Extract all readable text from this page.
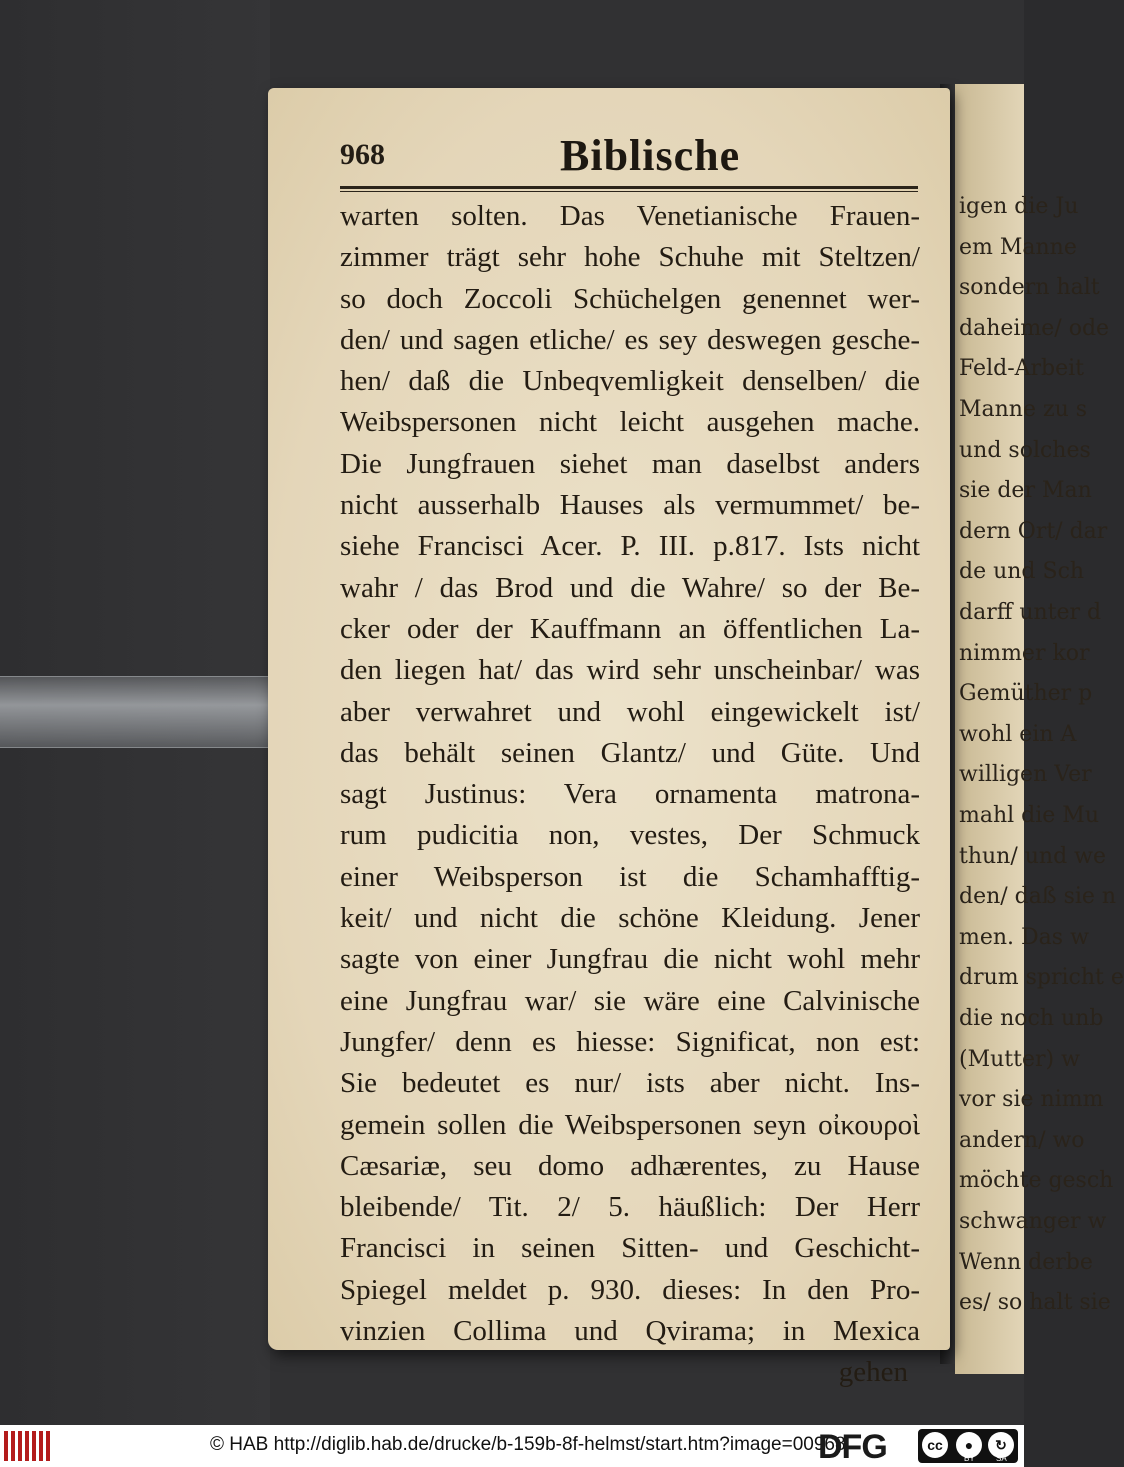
igen die Ju
em Manne
sondern halt
daheime/ ode
Feld-Arbeit
Manne zu s
und solches
sie der Man
dern Ort/ dar
de und Sch
darff unter d
nimmer kor
Gemüther p
wohl ein A
willigen Ver
mahl die Mu
thun/ und we
den/ daß sie n
men. Das w
drum spricht e
die noch unb
(Mutter) w
vor sie nimm
andern/ wo
möchte gesch
schwanger w
Wenn derbe
es/ so halt sie
968	Biblische
warten solten. Das Venetianische Frauen-
zimmer trägt sehr hohe Schuhe mit Steltzen/
so doch Zoccoli Schüchelgen genennet wer-
den/ und sagen etliche/ es sey deswegen gesche-
hen/ daß die Unbeqvemligkeit denselben/ die
Weibspersonen nicht leicht ausgehen mache.
Die Jungfrauen siehet man daselbst anders
nicht ausserhalb Hauses als vermummet/ be-
siehe Francisci Acer. P. III. p.817. Ists nicht
wahr / das Brod und die Wahre/ so der Be-
cker oder der Kauffmann an öffentlichen La-
den liegen hat/ das wird sehr unscheinbar/ was
aber verwahret und wohl eingewickelt ist/
das behält seinen Glantz/ und Güte. Und
sagt Justinus: Vera ornamenta matrona-
rum pudicitia non, vestes, Der Schmuck
einer Weibsperson ist die Schamhafftig-
keit/ und nicht die schöne Kleidung. Jener
sagte von einer Jungfrau die nicht wohl mehr
eine Jungfrau war/ sie wäre eine Calvinische
Jungfer/ denn es hiesse: Significat, non est:
Sie bedeutet es nur/ ists aber nicht. Ins-
gemein sollen die Weibspersonen seyn οἰκουροὶ
Cæsariæ, seu domo adhærentes, zu Hause
bleibende/ Tit. 2/ 5. häußlich: Der Herr
Francisci in seinen Sitten- und Geschicht-
Spiegel meldet p. 930. dieses: In den Pro-
vinzien Collima und Qvirama; in Mexica
gehen
© HAB http://diglib.hab.de/drucke/b-159b-8f-helmst/start.htm?image=00968
DFG	cc	●	↻
BY	SA
